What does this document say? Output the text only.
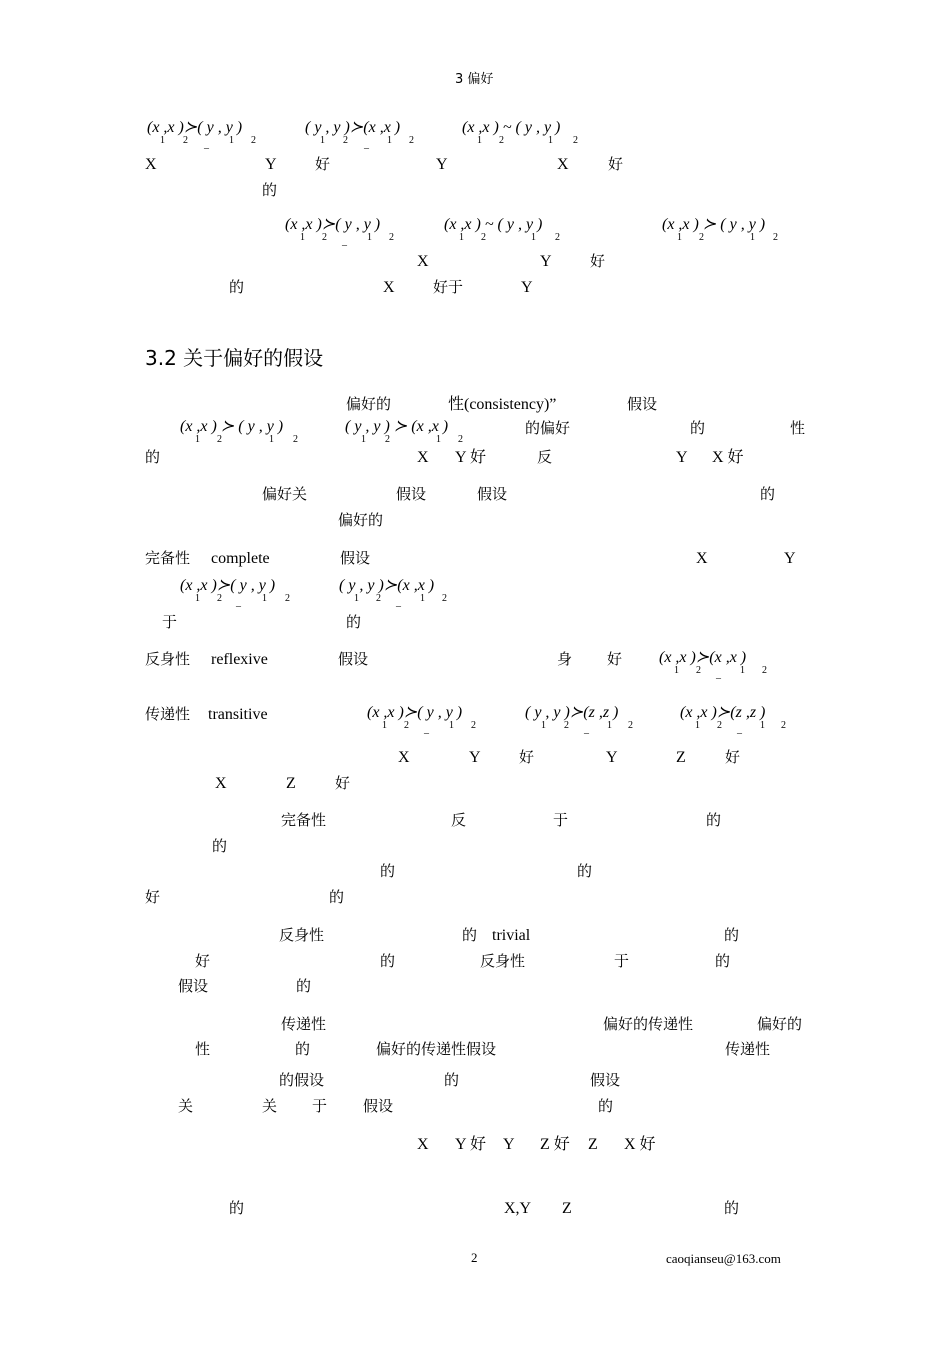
3 偏好
(x ,x )≻( y , y )
1 2 _ 1 2
( y , y )≻(x ,x )
1 2 _ 1 2
(x ,x ) ~ ( y , y )
1 2	1 2
X	Y	好	Y	X	好
的
(x ,x )≻( y , y )
1 2 _ 1 2
(x ,x ) ~ ( y , y )
1 2	1 2
(x ,x ) ≻ ( y , y )
1 2	1 2
X	Y	好
的	X	好于	Y
3.2 关于偏好的假设
偏好的	性(consistency)”	假设
(x ,x ) ≻ ( y , y )
1 2	1 2
( y , y ) ≻ (x ,x )
1 2	1 2
的偏好	的	性
的	X Y 好	反	Y X 好
偏好关	假设	假设	的
偏好的
完备性 complete	假设	X	Y
(x ,x )≻( y , y )
1 2 _ 1 2
( y , y )≻(x ,x )
1 2 _ 1 2
于	的
反身性 reflexive	假设	身 好 (x ,x )≻(x ,x )
1 2 _ 1 2
传递性 transitive	(x ,x )≻( y , y )
1 2 _ 1 2
( y , y )≻(z ,z )
1 2 _ 1 2
(x ,x )≻(z ,z )
1 2 _ 1 2
X	Y	好	Y	Z	好
X	Z	好
完备性	反	于	的
的
的	的
好	的
反身性	的 trivial	的
好	的	反身性	于	的
假设	的
传递性	偏好的传递性	偏好的
性	的	偏好的传递性假设	传递性
的假设	的	假设
关	关 于 假设	的
X Y 好 Y Z 好 Z X 好
的	X,Y Z	的
2	caoqianseu@163.com
